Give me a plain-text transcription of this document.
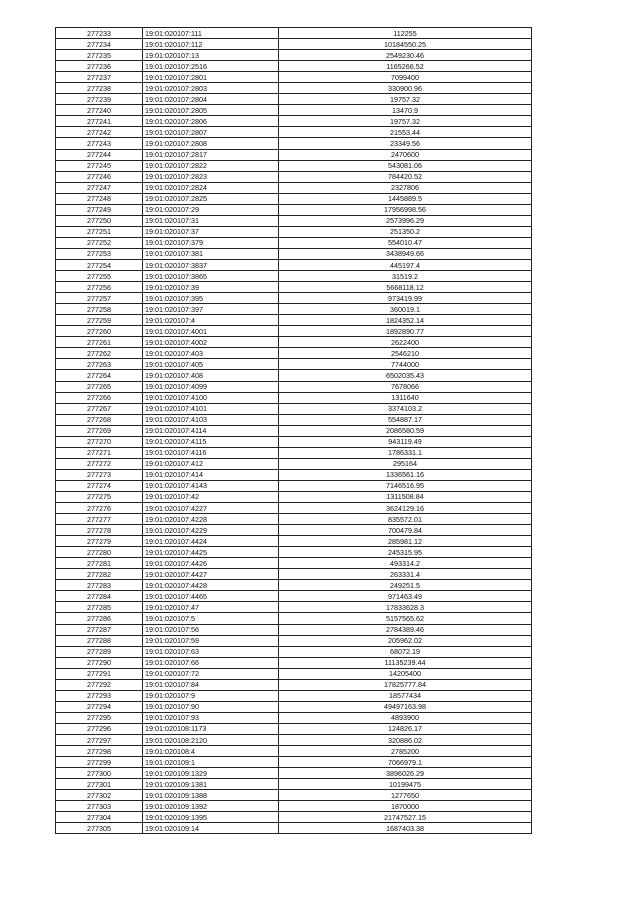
277233	19:01:020107:111	112255
277234	19:01:020107:112	10184550.25
277235	19:01:020107:13	2549230.46
277236	19:01:020107:2516	1165266.52
277237	19:01:020107:2801	7099400
277238	19:01:020107:2803	330900.96
277239	19:01:020107:2804	19757.32
277240	19:01:020107:2805	13470.9
277241	19:01:020107:2806	19757.32
277242	19:01:020107:2807	21553.44
277243	19:01:020107:2808	23349.56
277244	19:01:020107:2817	2470600
277245	19:01:020107:2822	543081.06
277246	19:01:020107:2823	784420.52
277247	19:01:020107:2824	2327806
277248	19:01:020107:2825	1445889.5
277249	19:01:020107:29	17956998.56
277250	19:01:020107:31	2573996.29
277251	19:01:020107:37	251350.2
277252	19:01:020107:379	554010.47
277253	19:01:020107:381	3438949.66
277254	19:01:020107:3837	445197.4
277255	19:01:020107:3865	31519.2
277256	19:01:020107:39	5668118.12
277257	19:01:020107:395	973419.99
277258	19:01:020107:397	360019.1
277259	19:01:020107:4	1824352.14
277260	19:01:020107:4001	1892890.77
277261	19:01:020107:4002	2622400
277262	19:01:020107:403	2546210
277263	19:01:020107:405	7744000
277264	19:01:020107:408	6502035.43
277265	19:01:020107:4099	7678066
277266	19:01:020107:4100	1311640
277267	19:01:020107:4101	3374103.2
277268	19:01:020107:4103	554887.17
277269	19:01:020107:4114	2086580.59
277270	19:01:020107:4115	943119.49
277271	19:01:020107:4116	1786331.1
277272	19:01:020107:412	295164
277273	19:01:020107:414	1336561.16
277274	19:01:020107:4143	7146516.95
277275	19:01:020107:42	1311508.84
277276	19:01:020107:4227	3624129.16
277277	19:01:020107:4228	835572.01
277278	19:01:020107:4229	700479.84
277279	19:01:020107:4424	285981.12
277280	19:01:020107:4425	245315.95
277281	19:01:020107:4426	493314.2
277282	19:01:020107:4427	263331.4
277283	19:01:020107:4428	249251.5
277284	19:01:020107:4465	971463.49
277285	19:01:020107:47	17833628.3
277286	19:01:020107:5	5157565.62
277287	19:01:020107:56	2784389.46
277288	19:01:020107:59	205962.02
277289	19:01:020107:63	68072.19
277290	19:01:020107:66	11135239.44
277291	19:01:020107:72	14205400
277292	19:01:020107:84	17825777.84
277293	19:01:020107:9	18577434
277294	19:01:020107:90	49497163.98
277295	19:01:020107:93	4893900
277296	19:01:020108:1173	124826.17
277297	19:01:020108:2120	320886.02
277298	19:01:020108:4	2785200
277299	19:01:020109:1	7066979.1
277300	19:01:020109:1329	3896026.29
277301	19:01:020109:1381	10199475
277302	19:01:020109:1388	1277650
277303	19:01:020109:1392	1870000
277304	19:01:020109:1395	21747527.15
277305	19:01:020109:14	1687403.38
